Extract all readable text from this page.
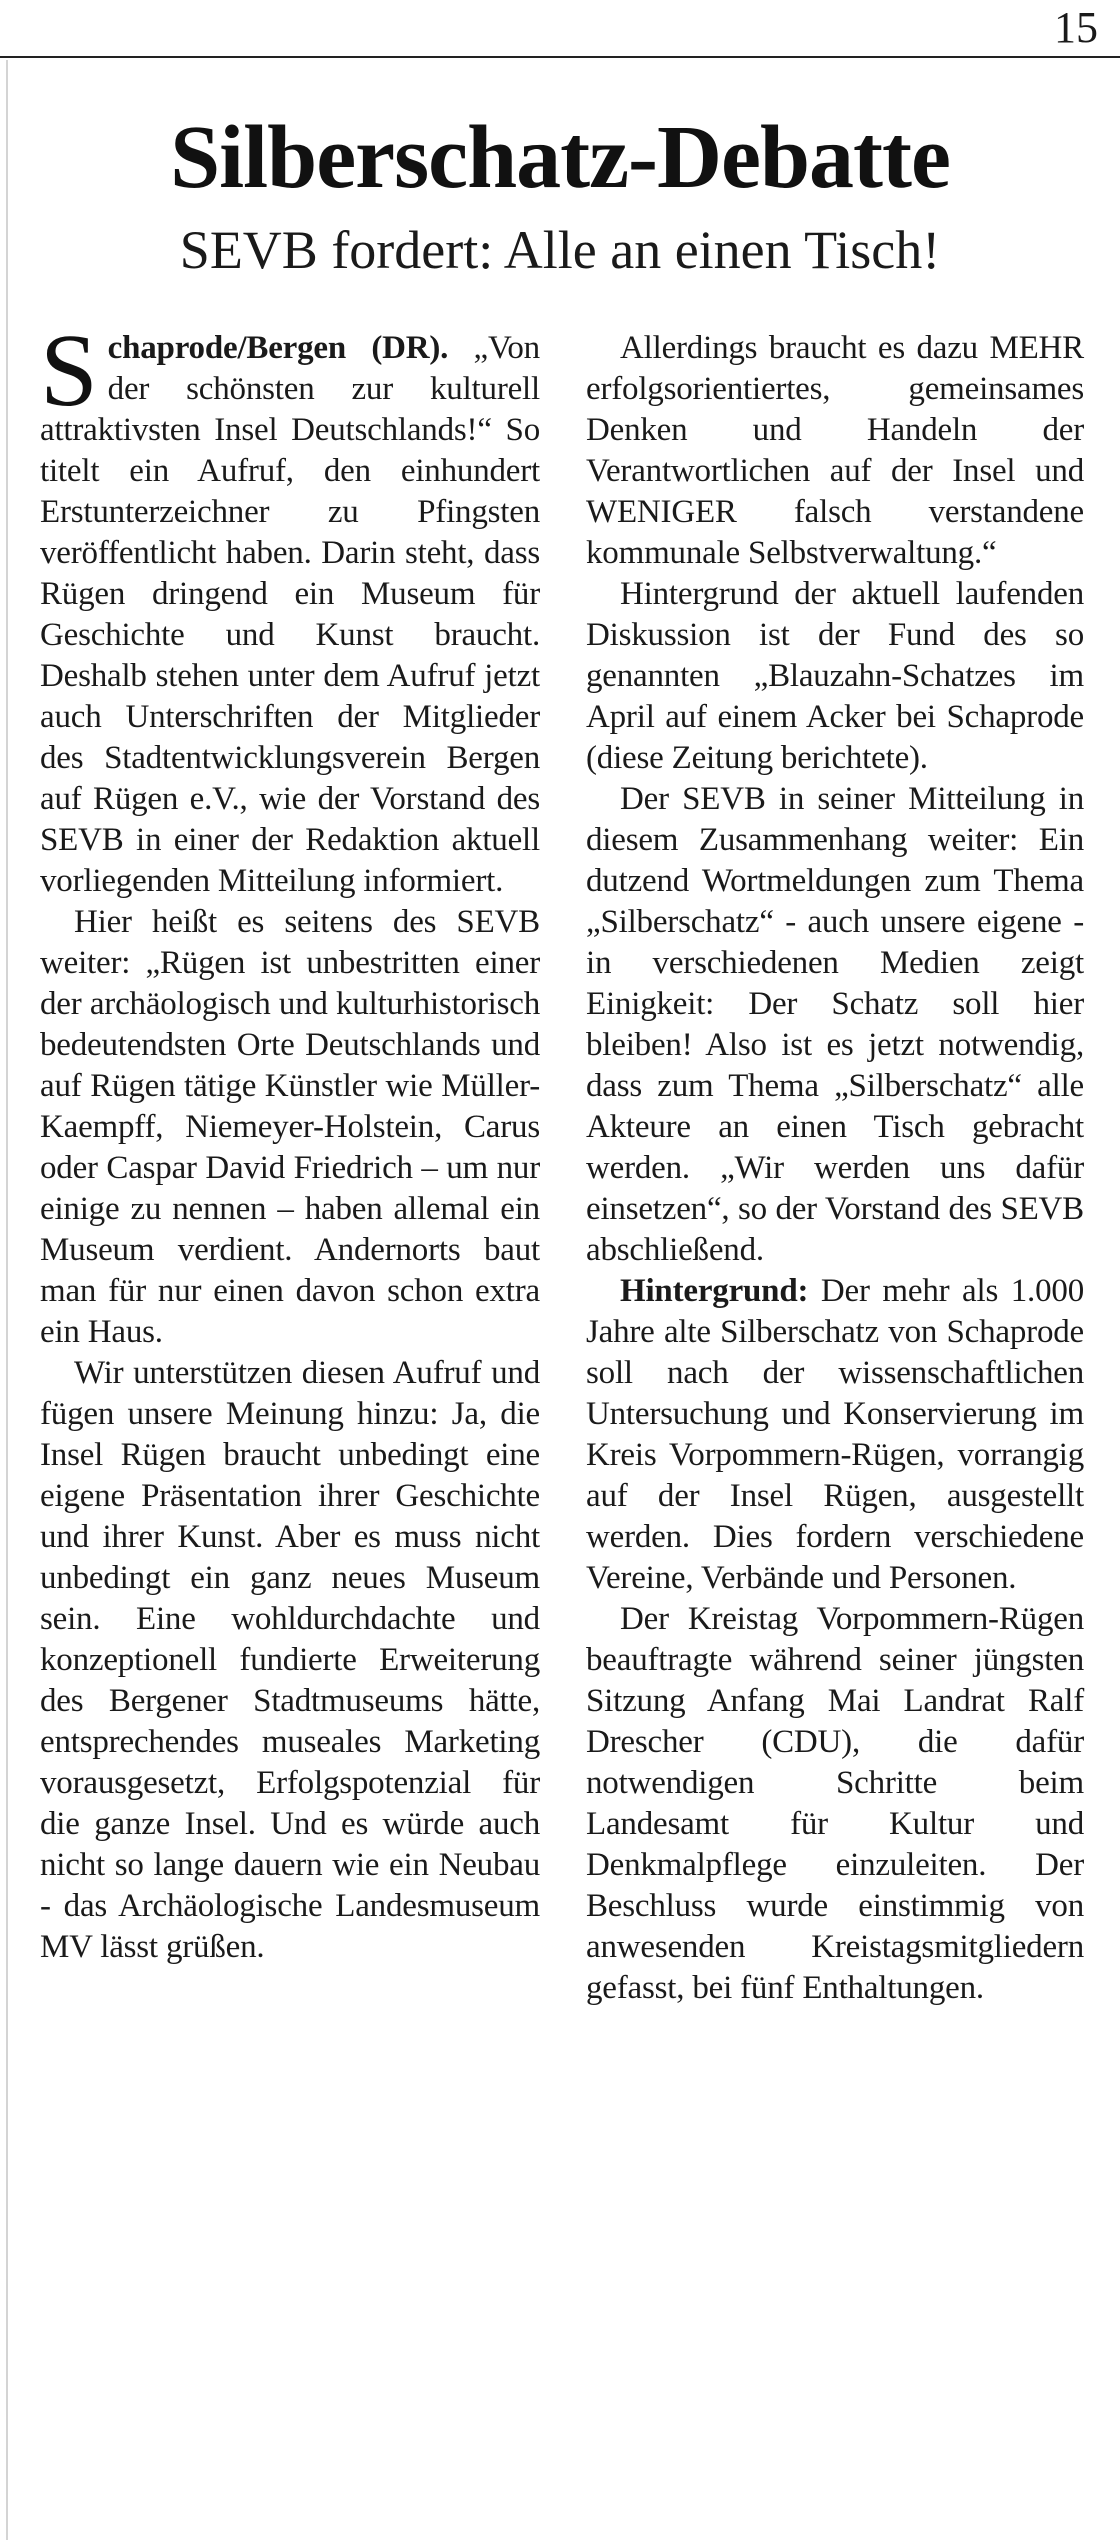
15
Silberschatz-Debatte
SEVB fordert: Alle an einen Tisch!

Schaprode/Bergen (DR). „Von der schönsten zur kulturell attraktivsten Insel Deutschlands!“ So titelt ein Aufruf, den einhundert Erstunterzeichner zu Pfingsten veröffentlicht haben. Darin steht, dass Rügen dringend ein Museum für Geschichte und Kunst braucht. Deshalb stehen unter dem Aufruf jetzt auch Unterschriften der Mitglieder des Stadtentwicklungsverein Bergen auf Rügen e.V., wie der Vorstand des SEVB in einer der Redaktion aktuell vorliegenden Mitteilung informiert.

Hier heißt es seitens des SEVB weiter: „Rügen ist unbestritten einer der archäologisch und kulturhistorisch bedeutendsten Orte Deutschlands und auf Rügen tätige Künstler wie Müller-Kaempff, Niemeyer-Holstein, Carus oder Caspar David Friedrich – um nur einige zu nennen – haben allemal ein Museum verdient. Andernorts baut man für nur einen davon schon extra ein Haus.

Wir unterstützen diesen Aufruf und fügen unsere Meinung hinzu: Ja, die Insel Rügen braucht unbedingt eine eigene Präsentation ihrer Geschichte und ihrer Kunst. Aber es muss nicht unbedingt ein ganz neues Museum sein. Eine wohldurchdachte und konzeptionell fundierte Erweiterung des Bergener Stadtmuseums hätte, entsprechendes museales Marketing vorausgesetzt, Erfolgspotenzial für die ganze Insel. Und es würde auch nicht so lange dauern wie ein Neubau - das Archäologische Landesmuseum MV lässt grüßen.

Allerdings braucht es dazu MEHR erfolgsorientiertes, gemeinsames Denken und Handeln der Verantwortlichen auf der Insel und WENIGER falsch verstandene kommunale Selbstverwaltung.“

Hintergrund der aktuell laufenden Diskussion ist der Fund des so genannten „Blauzahn-Schatzes im April auf einem Acker bei Schaprode (diese Zeitung berichtete).

Der SEVB in seiner Mitteilung in diesem Zusammenhang weiter: Ein dutzend Wortmeldungen zum Thema „Silberschatz“ - auch unsere eigene - in verschiedenen Medien zeigt Einigkeit: Der Schatz soll hier bleiben! Also ist es jetzt notwendig, dass zum Thema „Silberschatz“ alle Akteure an einen Tisch gebracht werden. „Wir werden uns dafür einsetzen“, so der Vorstand des SEVB abschließend.

Hintergrund: Der mehr als 1.000 Jahre alte Silberschatz von Schaprode soll nach der wissenschaftlichen Untersuchung und Konservierung im Kreis Vorpommern-Rügen, vorrangig auf der Insel Rügen, ausgestellt werden. Dies fordern verschiedene Vereine, Verbände und Personen.

Der Kreistag Vorpommern-Rügen beauftragte während seiner jüngsten Sitzung Anfang Mai Landrat Ralf Drescher (CDU), die dafür notwendigen Schritte beim Landesamt für Kultur und Denkmalpflege einzuleiten. Der Beschluss wurde einstimmig von anwesenden Kreistagsmitgliedern gefasst, bei fünf Enthaltungen.
